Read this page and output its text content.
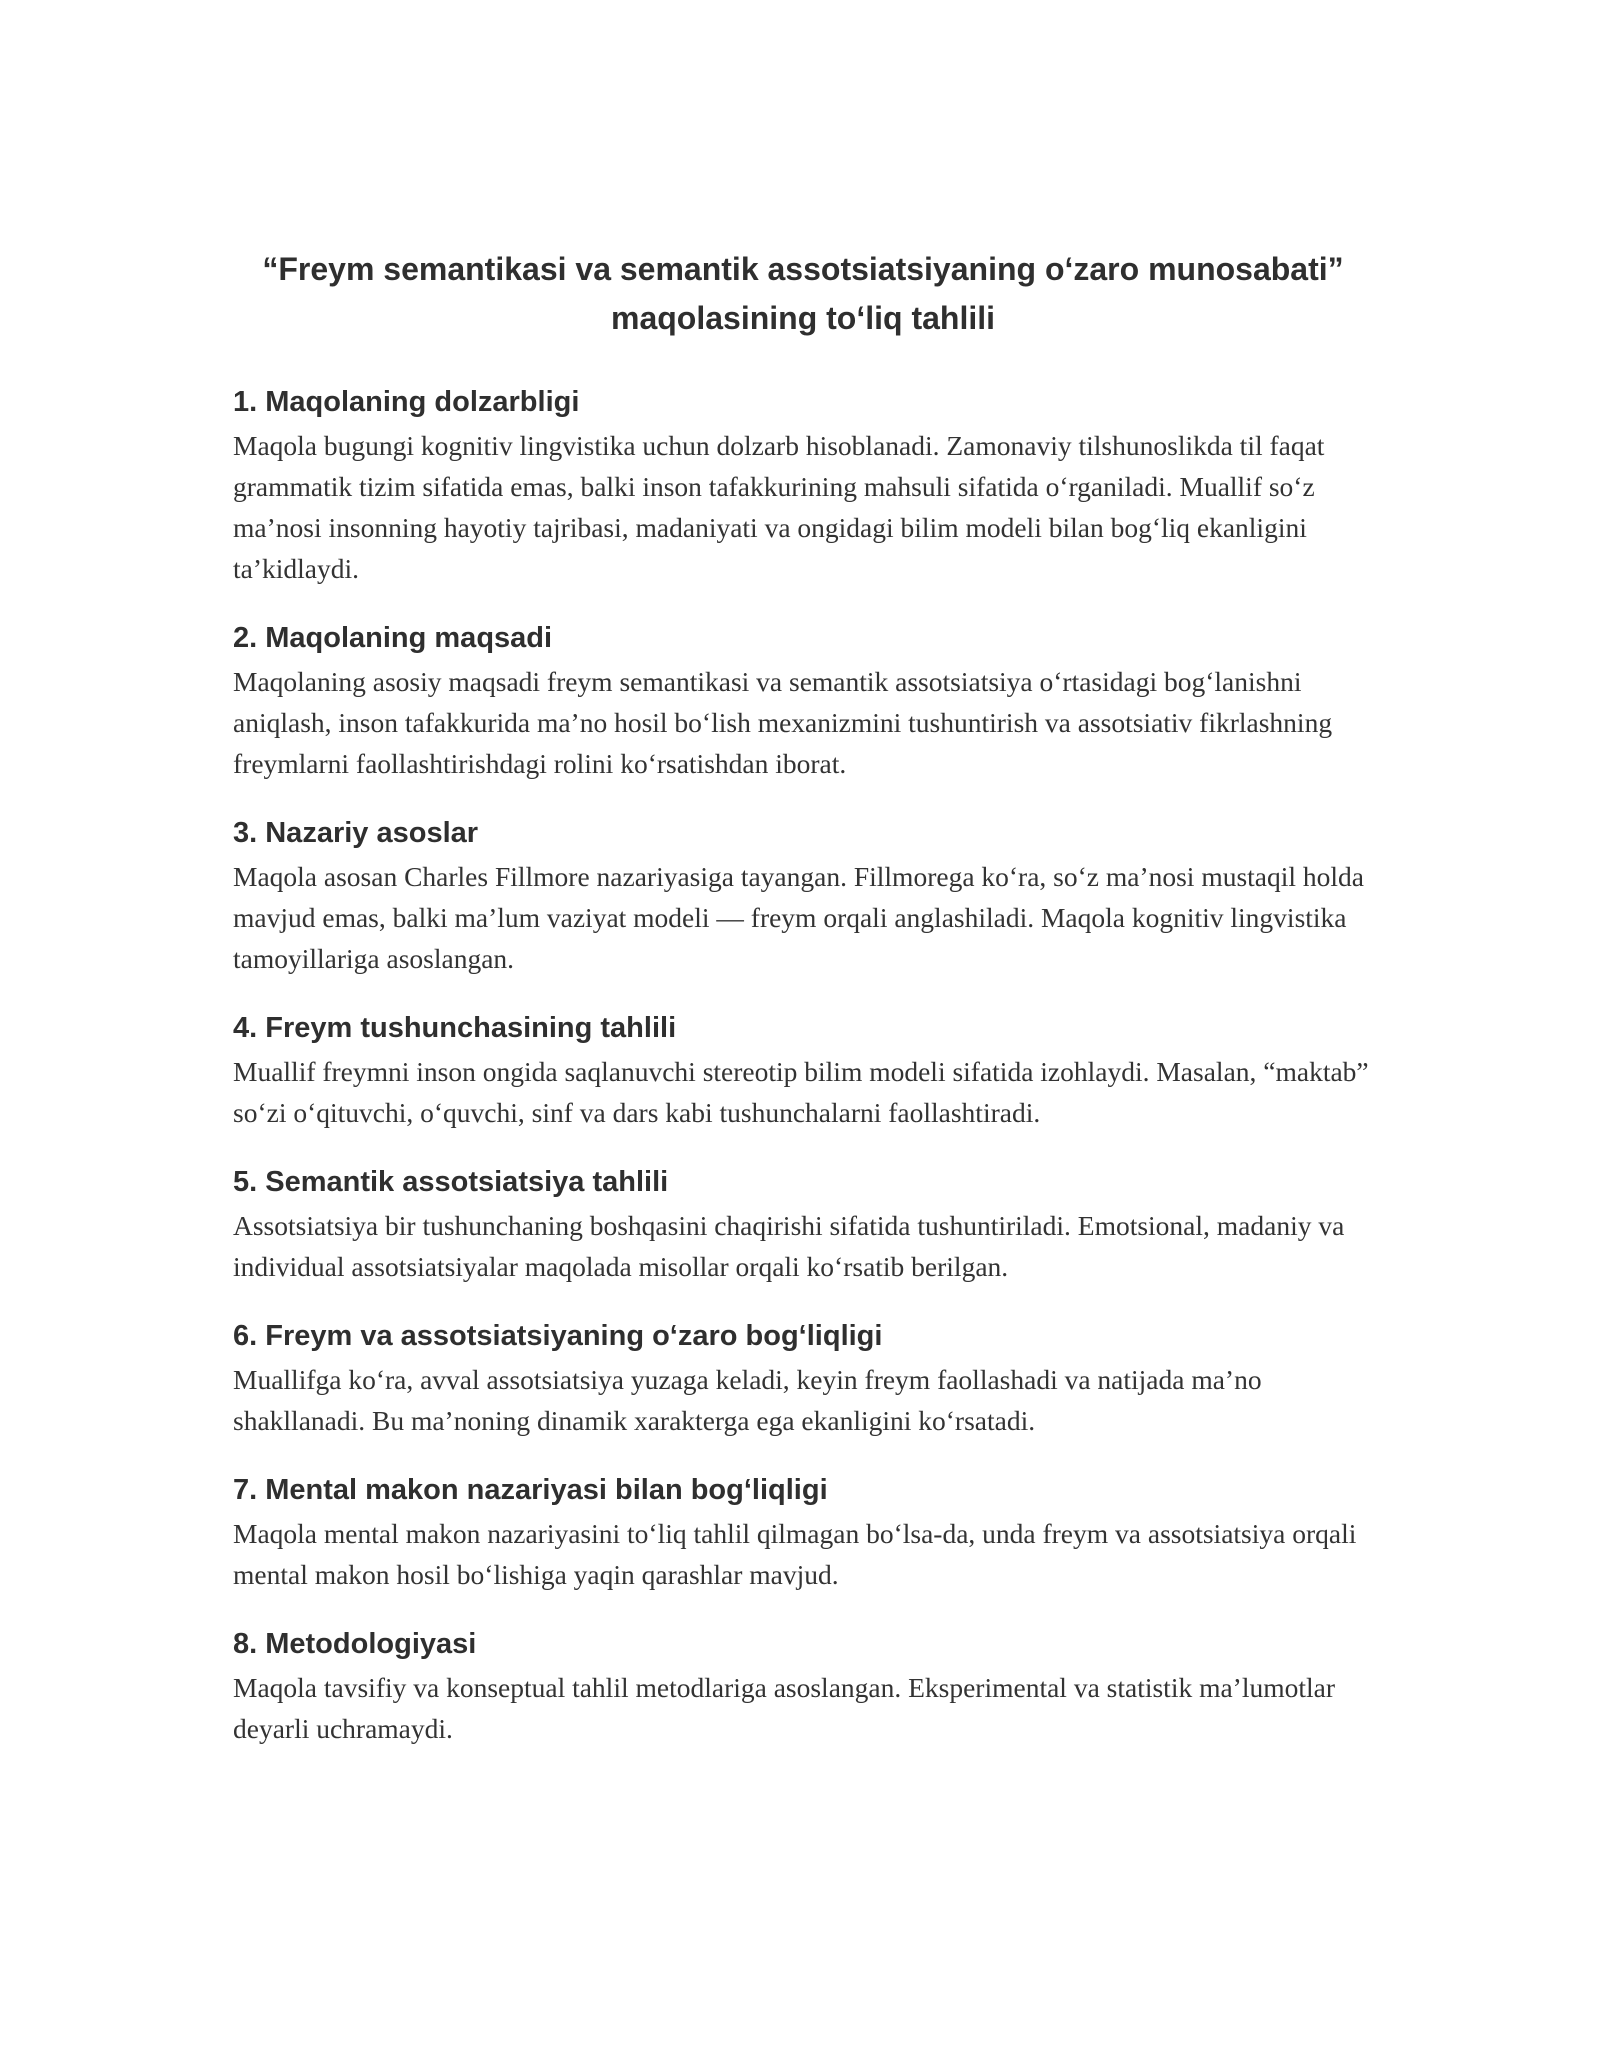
“Freym semantikasi va semantik assotsiatsiyaning o‘zaro munosabati”
maqolasining to‘liq tahlili
1. Maqolaning dolzarbligi

Maqola bugungi kognitiv lingvistika uchun dolzarb hisoblanadi. Zamonaviy tilshunoslikda til faqat grammatik tizim sifatida emas, balki inson tafakkurining mahsuli sifatida o‘rganiladi. Muallif so‘z ma’nosi insonning hayotiy tajribasi, madaniyati va ongidagi bilim modeli bilan bog‘liq ekanligini ta’kidlaydi.

2. Maqolaning maqsadi

Maqolaning asosiy maqsadi freym semantikasi va semantik assotsiatsiya o‘rtasidagi bog‘lanishni aniqlash, inson tafakkurida ma’no hosil bo‘lish mexanizmini tushuntirish va assotsiativ fikrlashning freymlarni faollashtirishdagi rolini ko‘rsatishdan iborat.

3. Nazariy asoslar

Maqola asosan Charles Fillmore nazariyasiga tayangan. Fillmorega ko‘ra, so‘z ma’nosi mustaqil holda mavjud emas, balki ma’lum vaziyat modeli — freym orqali anglashiladi. Maqola kognitiv lingvistika tamoyillariga asoslangan.

4. Freym tushunchasining tahlili

Muallif freymni inson ongida saqlanuvchi stereotip bilim modeli sifatida izohlaydi. Masalan, “maktab” so‘zi o‘qituvchi, o‘quvchi, sinf va dars kabi tushunchalarni faollashtiradi.

5. Semantik assotsiatsiya tahlili

Assotsiatsiya bir tushunchaning boshqasini chaqirishi sifatida tushuntiriladi. Emotsional, madaniy va individual assotsiatsiyalar maqolada misollar orqali ko‘rsatib berilgan.

6. Freym va assotsiatsiyaning o‘zaro bog‘liqligi

Muallifga ko‘ra, avval assotsiatsiya yuzaga keladi, keyin freym faollashadi va natijada ma’no shakllanadi. Bu ma’noning dinamik xarakterga ega ekanligini ko‘rsatadi.

7. Mental makon nazariyasi bilan bog‘liqligi

Maqola mental makon nazariyasini to‘liq tahlil qilmagan bo‘lsa-da, unda freym va assotsiatsiya orqali mental makon hosil bo‘lishiga yaqin qarashlar mavjud.

8. Metodologiyasi

Maqola tavsifiy va konseptual tahlil metodlariga asoslangan. Eksperimental va statistik ma’lumotlar deyarli uchramaydi.
